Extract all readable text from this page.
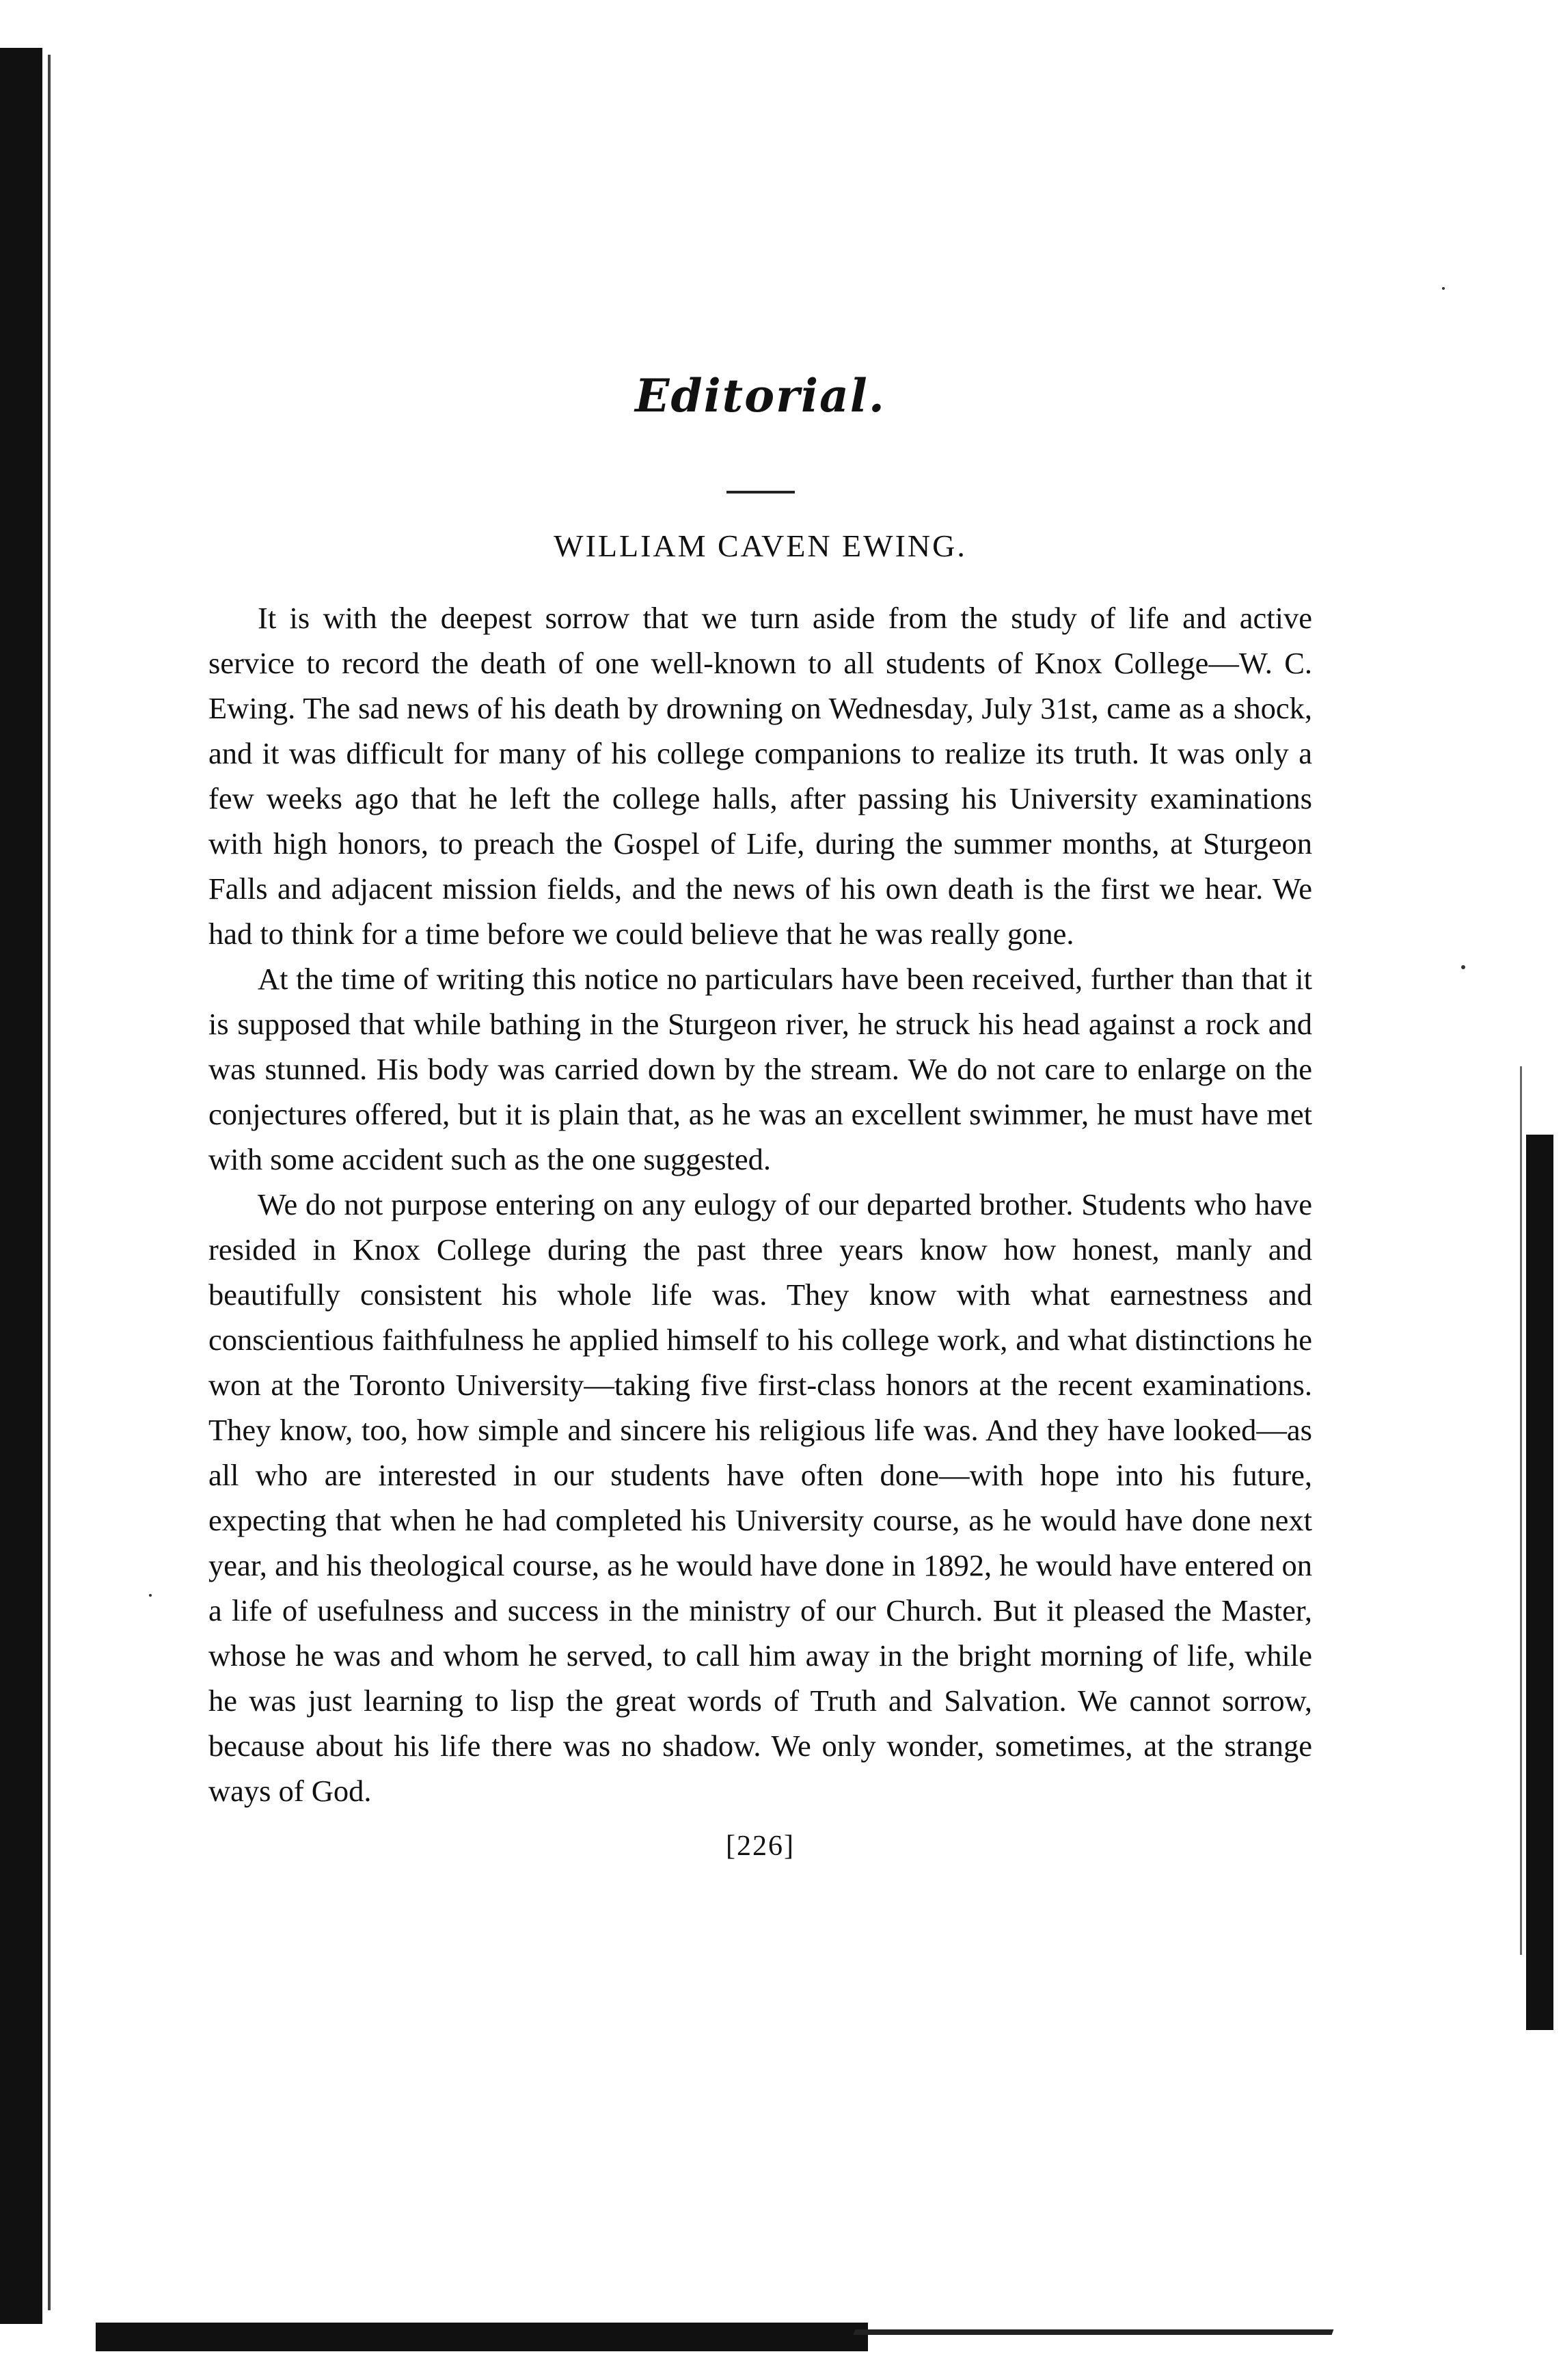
Editorial.
WILLIAM CAVEN EWING.

It is with the deepest sorrow that we turn aside from the study of life and active service to record the death of one well-known to all students of Knox College—W. C. Ewing. The sad news of his death by drowning on Wednesday, July 31st, came as a shock, and it was difficult for many of his college companions to realize its truth. It was only a few weeks ago that he left the college halls, after passing his University examinations with high honors, to preach the Gospel of Life, during the summer months, at Sturgeon Falls and adjacent mission fields, and the news of his own death is the first we hear. We had to think for a time before we could believe that he was really gone.

At the time of writing this notice no particulars have been received, further than that it is supposed that while bathing in the Sturgeon river, he struck his head against a rock and was stunned. His body was carried down by the stream. We do not care to enlarge on the conjectures offered, but it is plain that, as he was an excellent swimmer, he must have met with some accident such as the one suggested.

We do not purpose entering on any eulogy of our departed brother. Students who have resided in Knox College during the past three years know how honest, manly and beautifully consistent his whole life was. They know with what earnestness and conscientious faithfulness he applied himself to his college work, and what distinctions he won at the Toronto University—taking five first-class honors at the recent examinations. They know, too, how simple and sincere his religious life was. And they have looked—as all who are interested in our students have often done—with hope into his future, expecting that when he had completed his University course, as he would have done next year, and his theological course, as he would have done in 1892, he would have entered on a life of usefulness and success in the ministry of our Church. But it pleased the Master, whose he was and whom he served, to call him away in the bright morning of life, while he was just learning to lisp the great words of Truth and Salvation. We cannot sorrow, because about his life there was no shadow. We only wonder, sometimes, at the strange ways of God.

[226]
